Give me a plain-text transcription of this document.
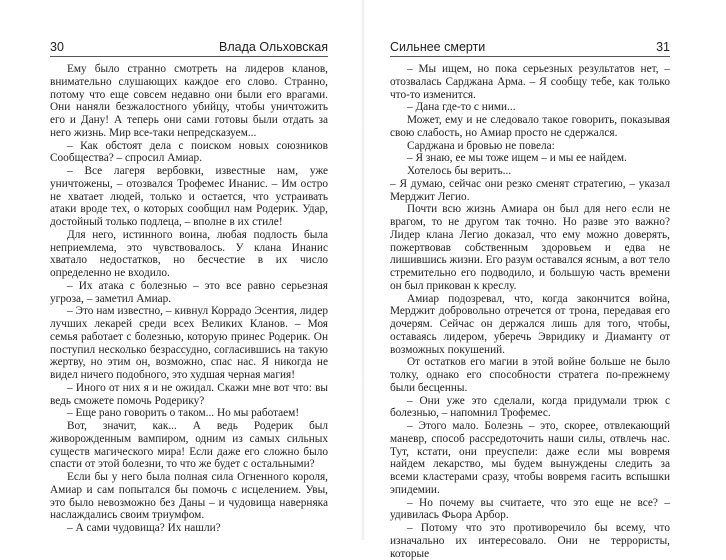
30	Влада Ольховская

Ему было странно смотреть на лидеров кланов, внимательно слушающих каждое его слово. Странно, потому что еще совсем недавно они были его врагами. Они наняли безжалостного убийцу, чтобы уничтожить его и Дану! А теперь они сами готовы были отдать за него жизнь. Мир все-таки непредсказуем...

– Как обстоят дела с поиском новых союзников Сообщества? – спросил Амиар.

– Все лагеря вербовки, известные нам, уже уничтожены, – отозвался Трофемес Инанис. – Им остро не хватает людей, только и остается, что устраивать атаки вроде тех, о которых сообщил нам Родерик. Удар, достойный только подлеца, – вполне в их стиле!

Для него, истинного воина, любая подлость была неприемлема, это чувствовалось. У клана Инанис хватало недостатков, но бесчестие в их число определенно не входило.

– Их атака с болезнью – это все равно серьезная угроза, – заметил Амиар.

– Это нам известно, – кивнул Коррадо Эсентия, лидер лучших лекарей среди всех Великих Кланов. – Моя семья работает с болезнью, которую принес Родерик. Он поступил несколько безрассудно, согласившись на такую жертву, но этим он, возможно, спас нас. Я никогда не видел ничего подобного, это худшая черная магия!

– Иного от них я и не ожидал. Скажи мне вот что: вы ведь сможете помочь Родерику?

– Еще рано говорить о таком... Но мы работаем!

Вот, значит, как... А ведь Родерик был живорожденным вампиром, одним из самых сильных существ магического мира! Если даже его сложно было спасти от этой болезни, то что же будет с остальными?

Если бы у него была полная сила Огненного короля, Амиар и сам попытался бы помочь с исцелением. Увы, это было невозможно без Даны – и чудовища наверняка наслаждались своим триумфом.

– А сами чудовища? Их нашли?

Сильнее смерти	31

– Мы ищем, но пока серьезных результатов нет, – отозвалась Сарджана Арма. – Я сообщу тебе, как только что-то изменится.

– Дана где-то с ними...

Может, ему и не следовало такое говорить, показывая свою слабость, но Амиар просто не сдержался.

Сарджана и бровью не повела:

– Я знаю, ее мы тоже ищем – и мы ее найдем.

Хотелось бы верить...

– Я думаю, сейчас они резко сменят стратегию, – указал Мерджит Легио.

Почти всю жизнь Амиара он был для него если не врагом, то не другом так точно. Но разве это важно? Лидер клана Легио доказал, что ему можно доверять, пожертвовав собственным здоровьем и едва не лишившись жизни. Его разум оставался ясным, а вот тело стремительно его подводило, и большую часть времени он был прикован к креслу.

Амиар подозревал, что, когда закончится война, Мерджит добровольно отречется от трона, передавая его дочерям. Сейчас он держался лишь для того, чтобы, оставаясь лидером, уберечь Эвридику и Диаманту от возможных покушений.

От остатков его магии в этой войне больше не было толку, однако его способности стратега по-прежнему были бесценны.

– Они уже это сделали, когда придумали трюк с болезнью, – напомнил Трофемес.

– Этого мало. Болезнь – это, скорее, отвлекающий маневр, способ рассредоточить наши силы, отвлечь нас. Тут, кстати, они преуспели: даже если мы вовремя найдем лекарство, мы будем вынуждены следить за всеми кластерами сразу, чтобы вовремя гасить вспышки эпидемии.

– Но почему вы считаете, что это еще не все? – удивилась Фьора Арбор.

– Потому что это противоречило бы всему, что изначально их интересовало. Они не террористы, которые
